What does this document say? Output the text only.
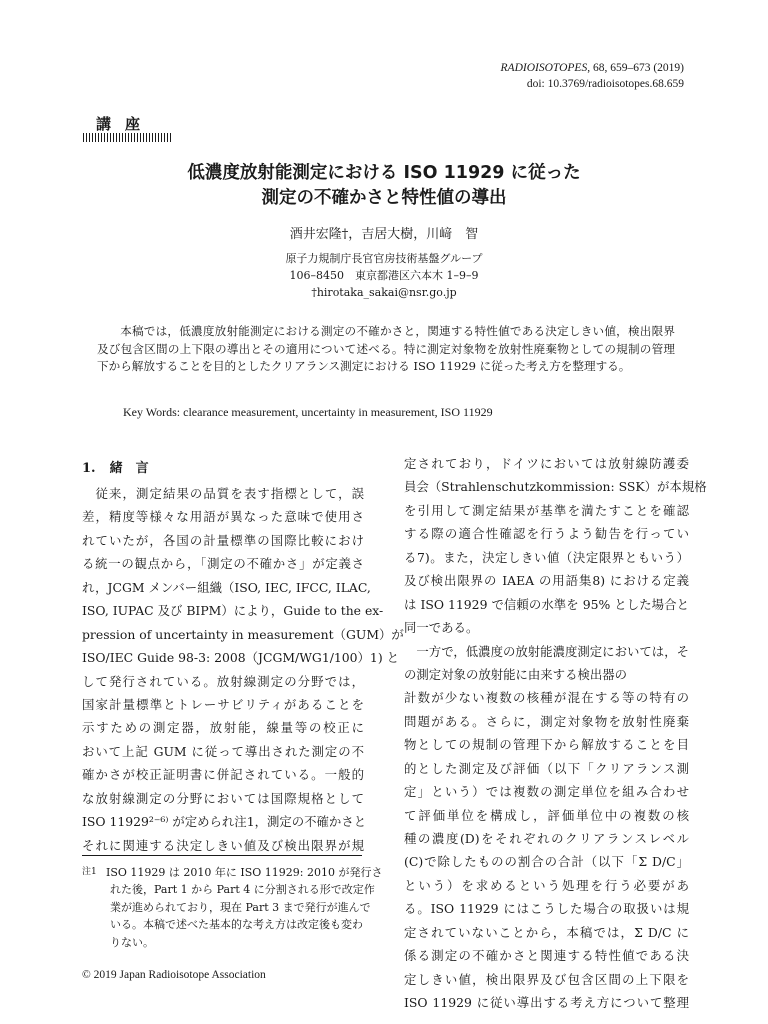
RADIOISOTOPES, 68, 659–673 (2019)
doi: 10.3769/radioisotopes.68.659
講座
低濃度放射能測定における ISO 11929 に従った
測定の不確かさと特性値の導出
酒井宏隆†，吉居大樹，川﨑　智
原子力規制庁長官官房技術基盤グループ
106–8450　東京都港区六本木 1–9–9
†hirotaka_sakai@nsr.go.jp
本稿では，低濃度放射能測定における測定の不確かさと，関連する特性値である決定しきい値，検出限界及び包含区間の上下限の導出とその適用について述べる。特に測定対象物を放射性廃棄物としての規制の管理下から解放することを目的としたクリアランス測定における ISO 11929 に従った考え方を整理する。
Key Words: clearance measurement, uncertainty in measurement, ISO 11929
1. 緒　言
　従来，測定結果の品質を表す指標として，誤
差，精度等様々な用語が異なった意味で使用さ
れていたが，各国の計量標準の国際比較におけ
る統一の観点から，「測定の不確かさ」が定義さ
れ，JCGM メンバー組織（ISO, IEC, IFCC, ILAC,
ISO, IUPAC 及び BIPM）により，Guide to the ex-
pression of uncertainty in measurement（GUM）が
ISO/IEC Guide 98-3: 2008（JCGM/WG1/100）1) と
して発行されている。放射線測定の分野では，
国家計量標準とトレーサビリティがあることを
示すための測定器，放射能，線量等の校正に
おいて上記 GUM に従って導出された測定の不
確かさが校正証明書に併記されている。一般的
な放射線測定の分野においては国際規格として
ISO 11929²⁻⁶⁾ が定められ注1，測定の不確かさと
それに関連する決定しきい値及び検出限界が規
定されており，ドイツにおいては放射線防護委
員会（Strahlenschutzkommission: SSK）が本規格
を引用して測定結果が基準を満たすことを確認
する際の適合性確認を行うよう勧告を行ってい
る7)。また，決定しきい値（決定限界ともいう）
及び検出限界の IAEA の用語集8) における定義
は ISO 11929 で信頼の水準を 95% とした場合と
同一である。
　一方で，低濃度の放射能濃度測定においては，その測定対象の放射能に由来する検出器の
計数が少ない複数の核種が混在する等の特有の
問題がある。さらに，測定対象物を放射性廃棄
物としての規制の管理下から解放することを目
的とした測定及び評価（以下「クリアランス測
定」という）では複数の測定単位を組み合わせ
て評価単位を構成し，評価単位中の複数の核
種の濃度(D)をそれぞれのクリアランスレベル
(C)で除したものの割合の合計（以下「Σ D/C」
という）を求めるという処理を行う必要があ
る。ISO 11929 にはこうした場合の取扱いは規
定されていないことから，本稿では，Σ D/C に
係る測定の不確かさと関連する特性値である決
定しきい値，検出限界及び包含区間の上下限を
ISO 11929 に従い導出する考え方について整理
注1 ISO 11929 は 2010 年に ISO 11929: 2010 が発行さ
れた後，Part 1 から Part 4 に分割される形で改定作
業が進められており，現在 Part 3 まで発行が進んで
いる。本稿で述べた基本的な考え方は改定後も変わ
りない。
© 2019 Japan Radioisotope Association
